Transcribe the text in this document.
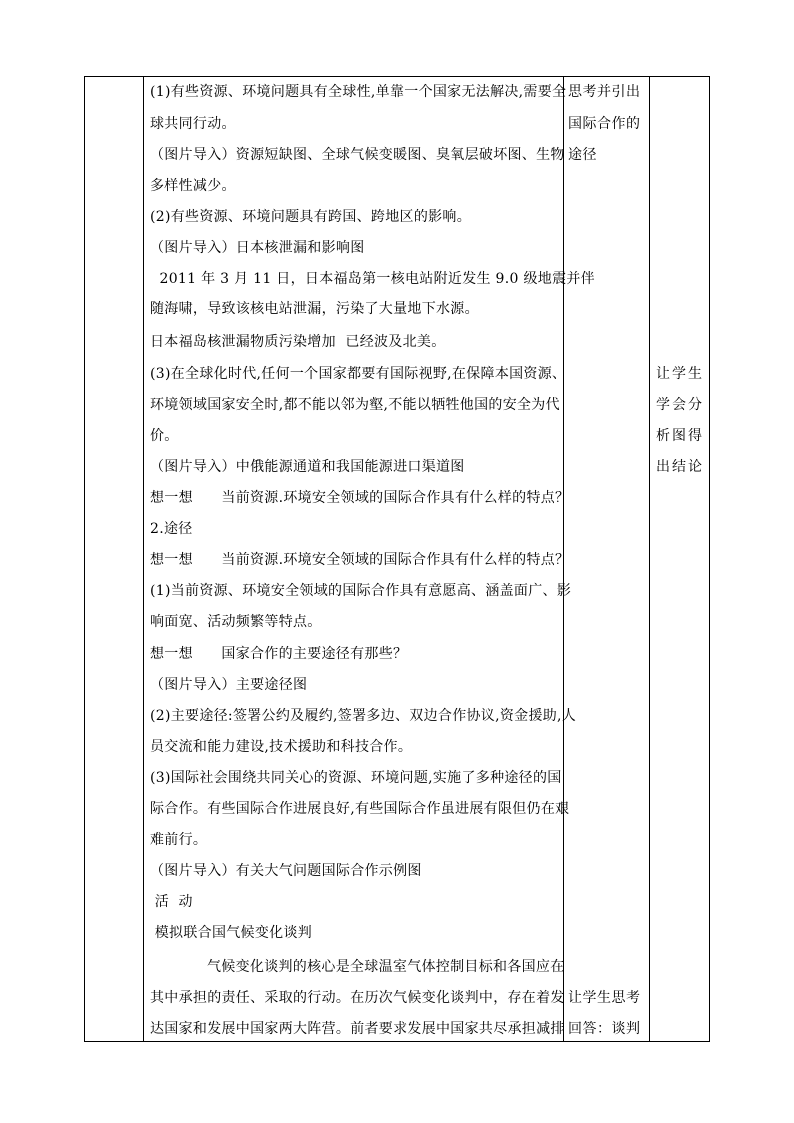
(1)有些资源、环境问题具有全球性,单靠一个国家无法解决,需要全
球共同行动。
（图片导入）资源短缺图、全球气候变暖图、臭氧层破坏图、生物
多样性减少。
(2)有些资源、环境问题具有跨国、跨地区的影响。
（图片导入）日本核泄漏和影响图
2011 年 3 月 11 日，日本福岛第一核电站附近发生 9.0 级地震并伴
随海啸，导致该核电站泄漏，污染了大量地下水源。
日本福岛核泄漏物质污染增加  已经波及北美。
(3)在全球化时代,任何一个国家都要有国际视野,在保障本国资源、
环境领域国家安全时,都不能以邻为壑,不能以牺牲他国的安全为代
价。
（图片导入）中俄能源通道和我国能源进口渠道图
想一想      当前资源.环境安全领域的国际合作具有什么样的特点？
2.途径
想一想      当前资源.环境安全领域的国际合作具有什么样的特点？
(1)当前资源、环境安全领域的国际合作具有意愿高、涵盖面广、影
响面宽、活动频繁等特点。
想一想      国家合作的主要途径有那些？
（图片导入）主要途径图
(2)主要途径:签署公约及履约,签署多边、双边合作协议,资金援助,人
员交流和能力建设,技术援助和科技合作。
(3)国际社会围绕共同关心的资源、环境问题,实施了多种途径的国
际合作。有些国际合作进展良好,有些国际合作虽进展有限但仍在艰
难前行。
（图片导入）有关大气问题国际合作示例图
活  动
模拟联合国气候变化谈判
气候变化谈判的核心是全球温室气体控制目标和各国应在
其中承担的责任、采取的行动。在历次气候变化谈判中，存在着发
达国家和发展中国家两大阵营。前者要求发展中国家共尽承担减排
思考并引出
国际合作的
途径
让学生思考
回答：谈判
让学生
学会分
析图得
出结论
